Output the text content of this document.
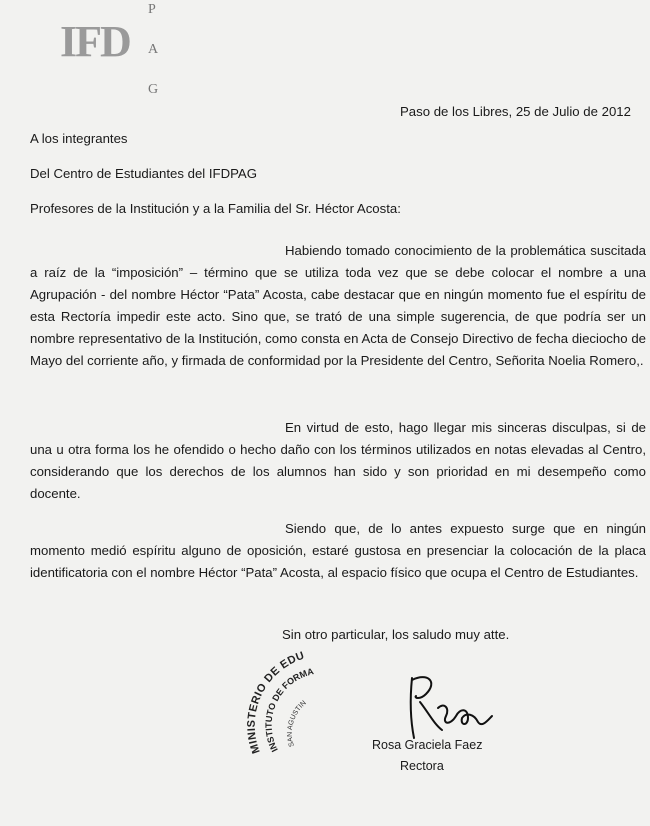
IFD
P
A
G
Paso de los Libres, 25 de Julio de 2012
A los integrantes
Del Centro de Estudiantes del IFDPAG
Profesores de la Institución y a la Familia del Sr. Héctor Acosta:
Habiendo tomado conocimiento de la problemática suscitada a raíz de la “imposición” – término que se utiliza toda vez que se debe colocar el nombre a una Agrupación - del nombre Héctor “Pata” Acosta, cabe destacar que en ningún momento fue el espíritu de esta Rectoría impedir este acto. Sino que, se trató de una simple sugerencia, de que podría ser un nombre representativo de la Institución, como consta en Acta de Consejo Directivo de fecha dieciocho de Mayo del corriente año, y firmada de conformidad por la Presidente del Centro, Señorita Noelia Romero,.
En virtud de esto, hago llegar mis sinceras disculpas, si de una u otra forma los he ofendido o hecho daño con los términos utilizados en notas elevadas al Centro, considerando que los derechos de los alumnos han sido y son prioridad en mi desempeño como docente.
Siendo que, de lo antes expuesto surge que en ningún momento medió espíritu alguno de oposición, estaré gustosa en presenciar la colocación de la placa identificatoria con el nombre Héctor “Pata” Acosta, al espacio físico que ocupa el Centro de Estudiantes.
Sin otro particular, los saludo muy atte.
MINISTERIO DE EDU
INSTITUTO DE FORMA
SAN AGUSTIN
Rosa Graciela Faez
Rectora
